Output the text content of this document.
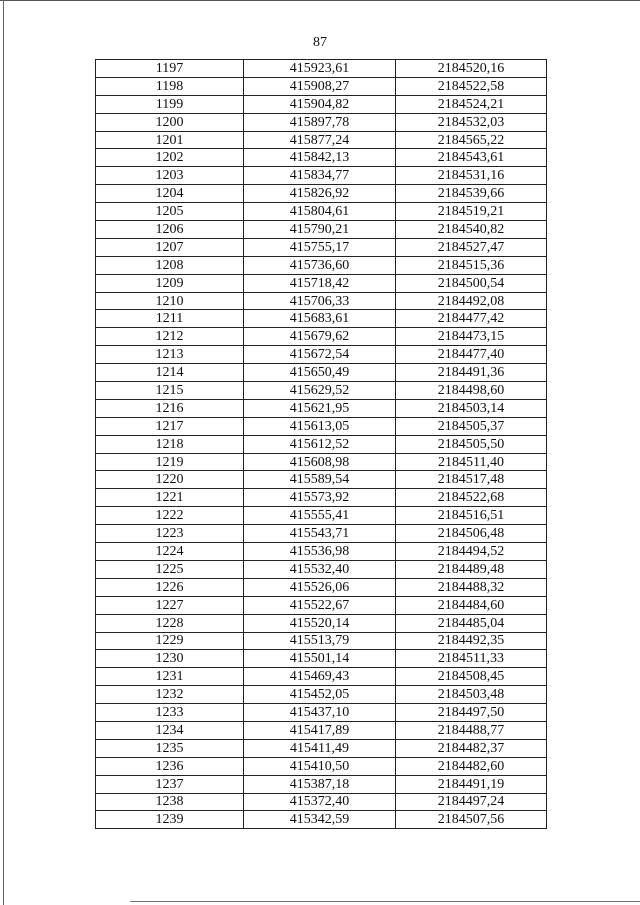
87
1197	415923,61	2184520,16
1198	415908,27	2184522,58
1199	415904,82	2184524,21
1200	415897,78	2184532,03
1201	415877,24	2184565,22
1202	415842,13	2184543,61
1203	415834,77	2184531,16
1204	415826,92	2184539,66
1205	415804,61	2184519,21
1206	415790,21	2184540,82
1207	415755,17	2184527,47
1208	415736,60	2184515,36
1209	415718,42	2184500,54
1210	415706,33	2184492,08
1211	415683,61	2184477,42
1212	415679,62	2184473,15
1213	415672,54	2184477,40
1214	415650,49	2184491,36
1215	415629,52	2184498,60
1216	415621,95	2184503,14
1217	415613,05	2184505,37
1218	415612,52	2184505,50
1219	415608,98	2184511,40
1220	415589,54	2184517,48
1221	415573,92	2184522,68
1222	415555,41	2184516,51
1223	415543,71	2184506,48
1224	415536,98	2184494,52
1225	415532,40	2184489,48
1226	415526,06	2184488,32
1227	415522,67	2184484,60
1228	415520,14	2184485,04
1229	415513,79	2184492,35
1230	415501,14	2184511,33
1231	415469,43	2184508,45
1232	415452,05	2184503,48
1233	415437,10	2184497,50
1234	415417,89	2184488,77
1235	415411,49	2184482,37
1236	415410,50	2184482,60
1237	415387,18	2184491,19
1238	415372,40	2184497,24
1239	415342,59	2184507,56
